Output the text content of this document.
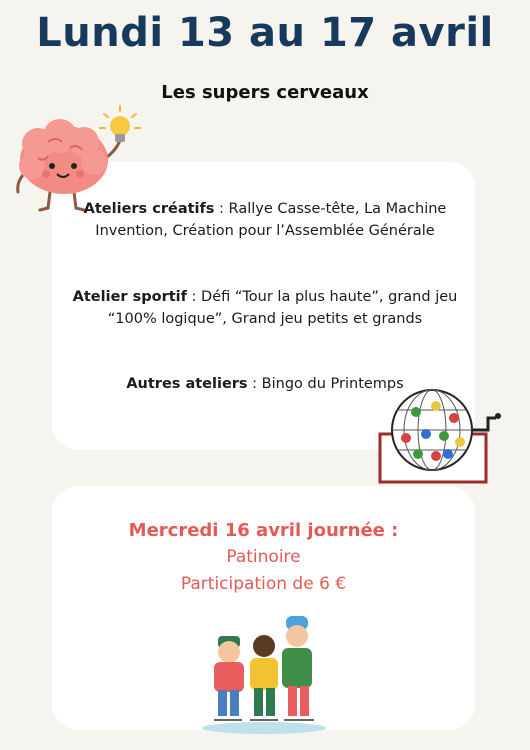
Lundi 13 au 17 avril
Les supers cerveaux
Ateliers créatifs : Rallye Casse-tête, La Machine Invention, Création pour l’Assemblée Générale
Atelier sportif : Défi “Tour la plus haute”, grand jeu “100% logique”, Grand jeu petits et grands
Autres ateliers : Bingo du Printemps
Mercredi 16 avril journée :
Patinoire
Participation de 6 €
